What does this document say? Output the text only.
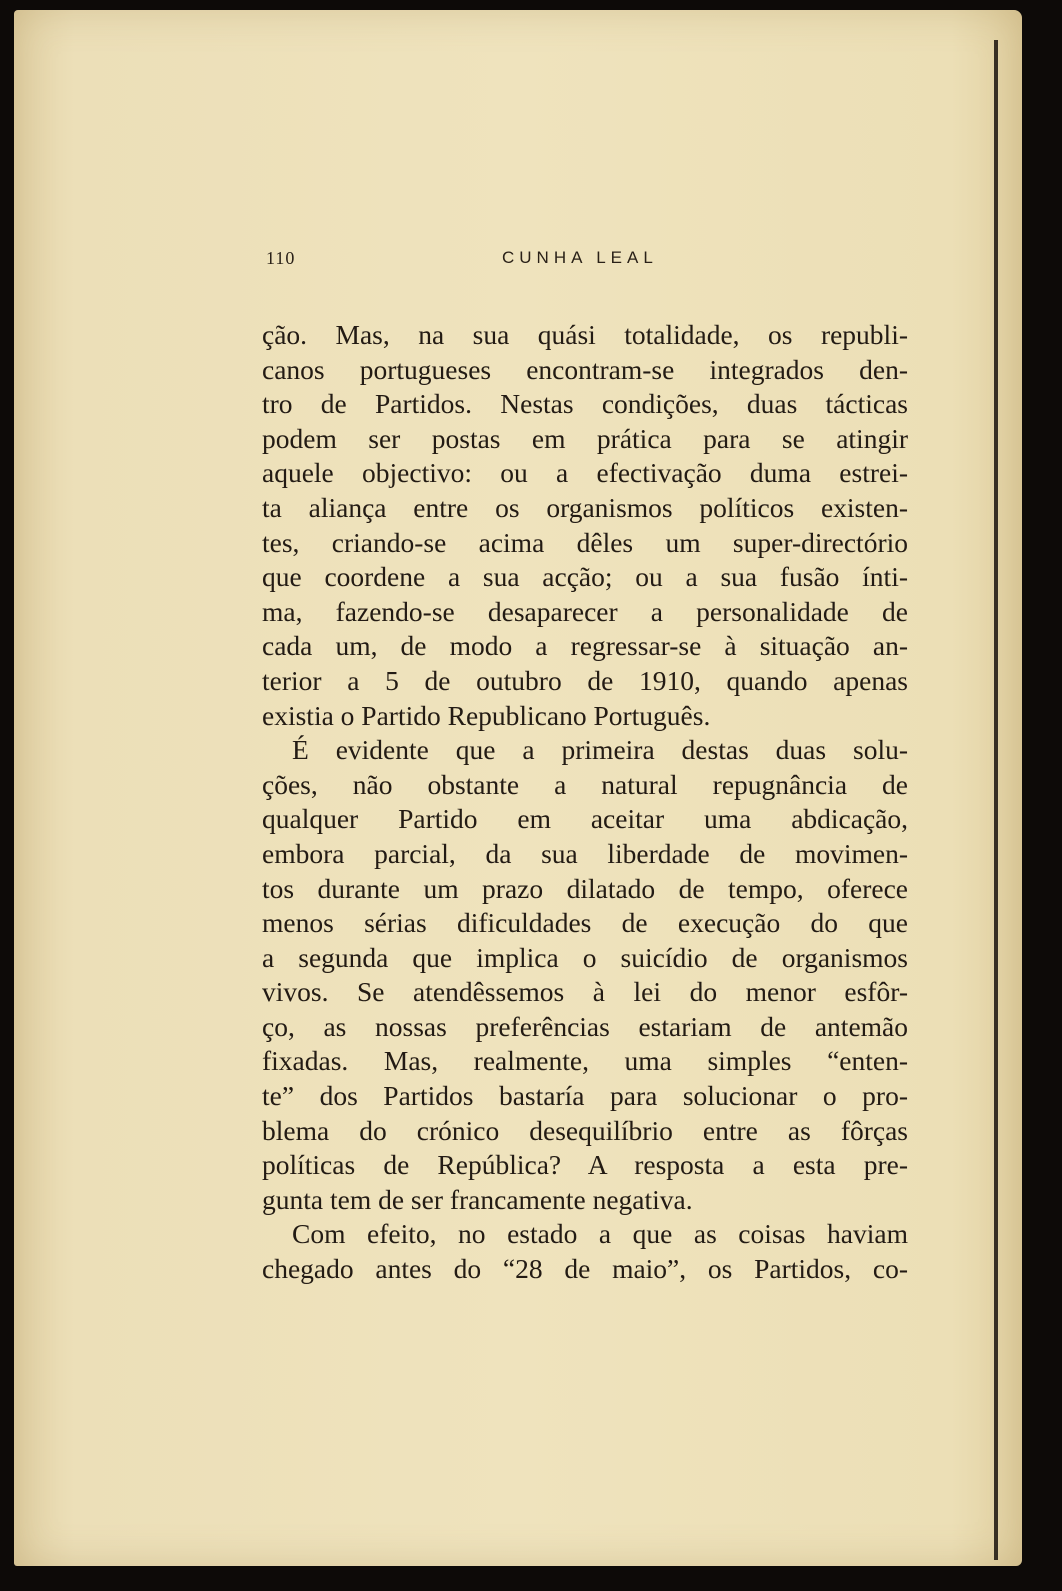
110	CUNHA LEAL
ção. Mas, na sua quási totalidade, os republi-
canos portugueses encontram-se integrados den-
tro de Partidos. Nestas condições, duas tácticas
podem ser postas em prática para se atingir
aquele objectivo: ou a efectivação duma estrei-
ta aliança entre os organismos políticos existen-
tes, criando-se acima dêles um super-directório
que coordene a sua acção; ou a sua fusão ínti-
ma, fazendo-se desaparecer a personalidade de
cada um, de modo a regressar-se à situação an-
terior a 5 de outubro de 1910, quando apenas
existia o Partido Republicano Português.
É evidente que a primeira destas duas solu-
ções, não obstante a natural repugnância de
qualquer Partido em aceitar uma abdicação,
embora parcial, da sua liberdade de movimen-
tos durante um prazo dilatado de tempo, oferece
menos sérias dificuldades de execução do que
a segunda que implica o suicídio de organismos
vivos. Se atendêssemos à lei do menor esfôr-
ço, as nossas preferências estariam de antemão
fixadas. Mas, realmente, uma simples “enten-
te” dos Partidos bastaría para solucionar o pro-
blema do crónico desequilíbrio entre as fôrças
políticas de República? A resposta a esta pre-
gunta tem de ser francamente negativa.
Com efeito, no estado a que as coisas haviam
chegado antes do “28 de maio”, os Partidos, co-
